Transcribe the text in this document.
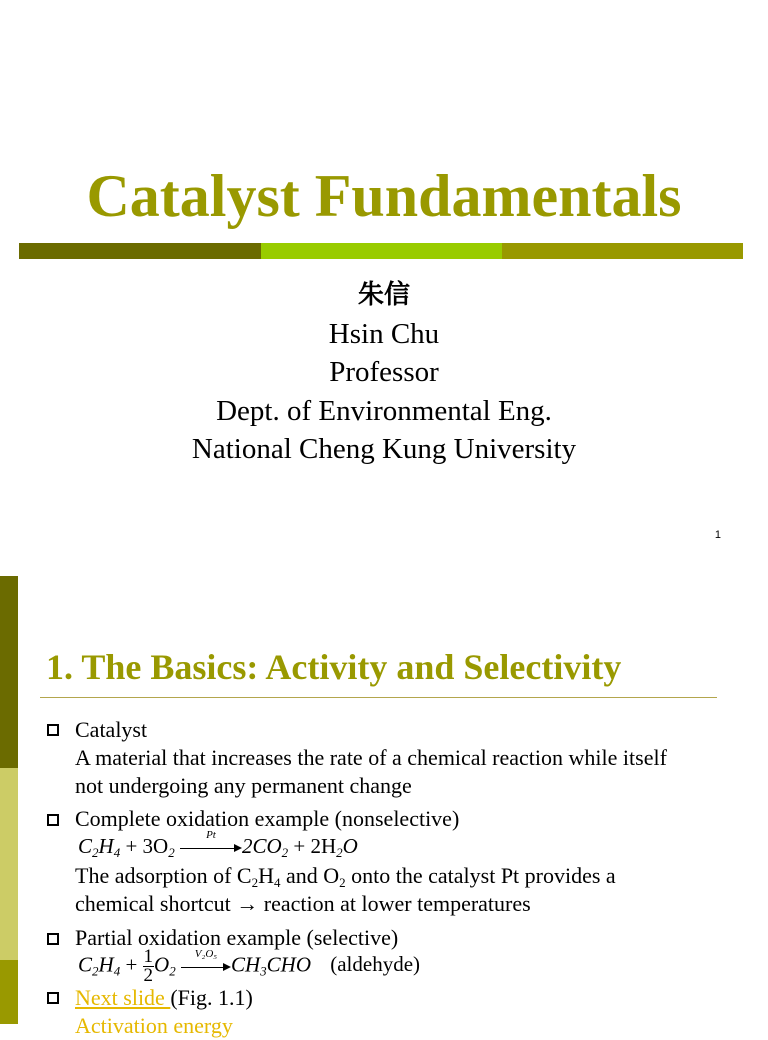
Catalyst Fundamentals
朱信
Hsin Chu
Professor
Dept. of Environmental Eng.
National Cheng Kung University
1
1. The Basics: Activity and Selectivity
Catalyst
A material that increases the rate of a chemical reaction while itself
not undergoing any permanent change
Complete oxidation example (nonselective)
$C_2H_4 + 3O_2$
Pt	$2CO_2 + 2H_2O$
The adsorption of $C_2H_4$ and $O_2$ onto the catalyst Pt provides a
chemical shortcut → reaction at lower temperatures
Partial oxidation example (selective)
$C_2H_4 + \frac{1}{2} O_2$
V₂O₅ $CH_3CHO$ (aldehyde)
Next slide (Fig. 1.1)
Activation energy
